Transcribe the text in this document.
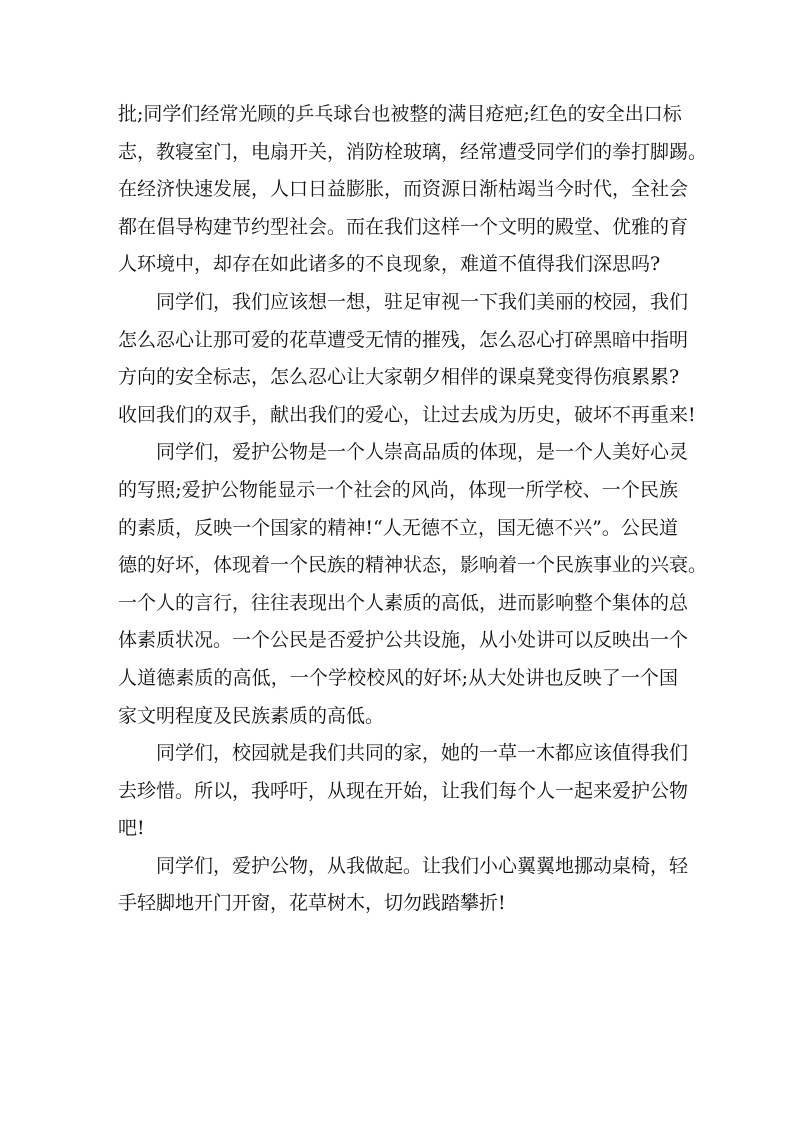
批;同学们经常光顾的乒乓球台也被整的满目疮疤;红色的安全出口标
志，教寝室门，电扇开关，消防栓玻璃，经常遭受同学们的拳打脚踢。
在经济快速发展，人口日益膨胀，而资源日渐枯竭当今时代，全社会
都在倡导构建节约型社会。而在我们这样一个文明的殿堂、优雅的育
人环境中，却存在如此诸多的不良现象，难道不值得我们深思吗?
同学们，我们应该想一想，驻足审视一下我们美丽的校园，我们
怎么忍心让那可爱的花草遭受无情的摧残，怎么忍心打碎黑暗中指明
方向的安全标志，怎么忍心让大家朝夕相伴的课桌凳变得伤痕累累?
收回我们的双手，献出我们的爱心，让过去成为历史，破坏不再重来!
同学们，爱护公物是一个人崇高品质的体现，是一个人美好心灵
的写照;爱护公物能显示一个社会的风尚，体现一所学校、一个民族
的素质，反映一个国家的精神!“人无德不立，国无德不兴”。公民道
德的好坏，体现着一个民族的精神状态，影响着一个民族事业的兴衰。
一个人的言行，往往表现出个人素质的高低，进而影响整个集体的总
体素质状况。一个公民是否爱护公共设施，从小处讲可以反映出一个
人道德素质的高低，一个学校校风的好坏;从大处讲也反映了一个国
家文明程度及民族素质的高低。
同学们，校园就是我们共同的家，她的一草一木都应该值得我们
去珍惜。所以，我呼吁，从现在开始，让我们每个人一起来爱护公物
吧!
同学们，爱护公物，从我做起。让我们小心翼翼地挪动桌椅，轻
手轻脚地开门开窗，花草树木，切勿践踏攀折!
